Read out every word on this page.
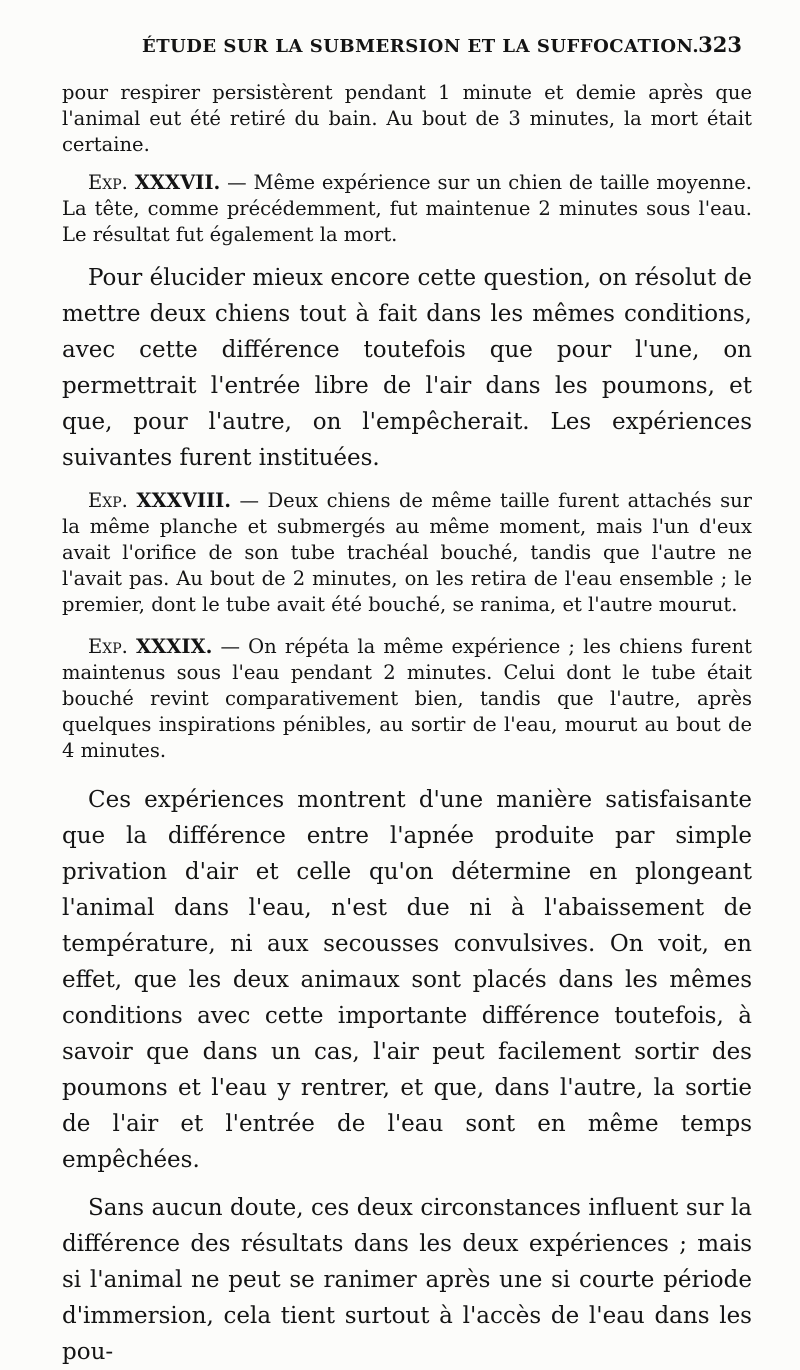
ÉTUDE SUR LA SUBMERSION ET LA SUFFOCATION. 323

pour respirer persistèrent pendant 1 minute et demie après que l'animal eut été retiré du bain. Au bout de 3 minutes, la mort était certaine.

Exp. XXXVII. — Même expérience sur un chien de taille moyenne. La tête, comme précédemment, fut maintenue 2 minutes sous l'eau. Le résultat fut également la mort.

Pour élucider mieux encore cette question, on résolut de mettre deux chiens tout à fait dans les mêmes conditions, avec cette différence toutefois que pour l'une, on permettrait l'entrée libre de l'air dans les poumons, et que, pour l'autre, on l'empêcherait. Les expériences suivantes furent instituées.

Exp. XXXVIII. — Deux chiens de même taille furent attachés sur la même planche et submergés au même moment, mais l'un d'eux avait l'orifice de son tube trachéal bouché, tandis que l'autre ne l'avait pas. Au bout de 2 minutes, on les retira de l'eau ensemble ; le premier, dont le tube avait été bouché, se ranima, et l'autre mourut.

Exp. XXXIX. — On répéta la même expérience ; les chiens furent maintenus sous l'eau pendant 2 minutes. Celui dont le tube était bouché revint comparativement bien, tandis que l'autre, après quelques inspirations pénibles, au sortir de l'eau, mourut au bout de 4 minutes.

Ces expériences montrent d'une manière satisfaisante que la différence entre l'apnée produite par simple privation d'air et celle qu'on détermine en plongeant l'animal dans l'eau, n'est due ni à l'abaissement de température, ni aux secousses convulsives. On voit, en effet, que les deux animaux sont placés dans les mêmes conditions avec cette importante différence toutefois, à savoir que dans un cas, l'air peut facilement sortir des poumons et l'eau y rentrer, et que, dans l'autre, la sortie de l'air et l'entrée de l'eau sont en même temps empêchées.

Sans aucun doute, ces deux circonstances influent sur la différence des résultats dans les deux expériences ; mais si l'animal ne peut se ranimer après une si courte période d'immersion, cela tient surtout à l'accès de l'eau dans les pou-
